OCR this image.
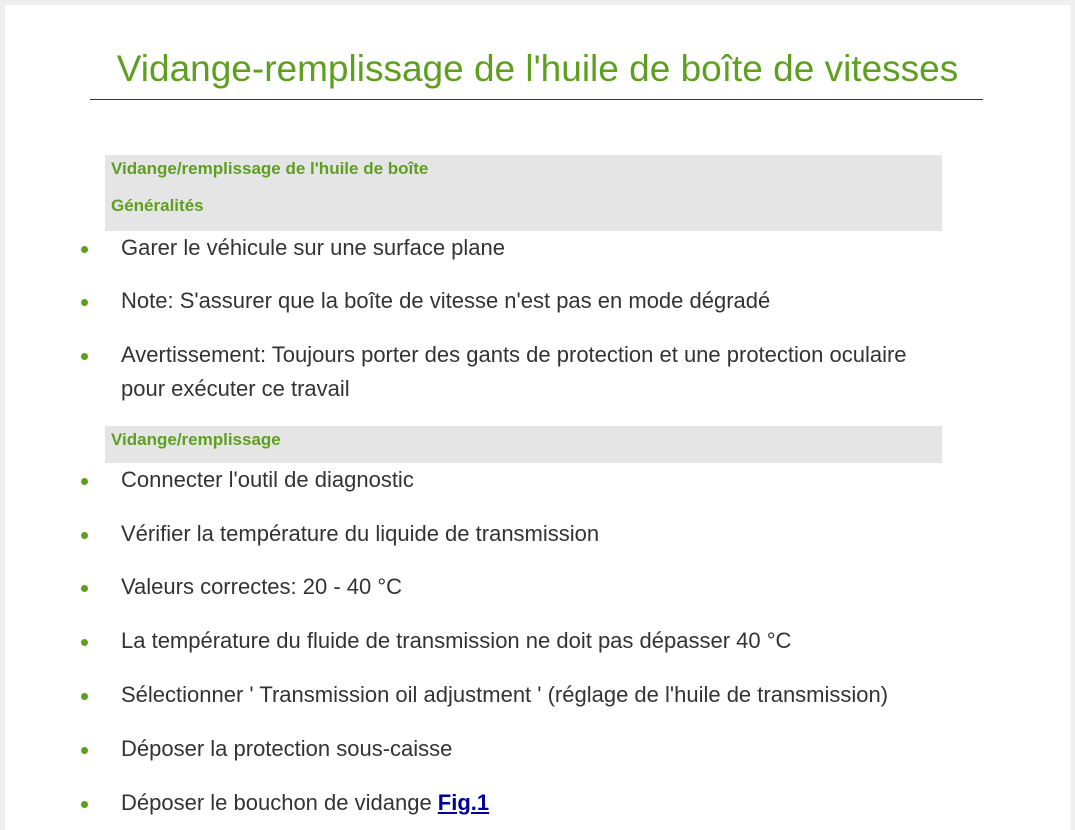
Vidange-remplissage de l'huile de boîte de vitesses
Vidange/remplissage de l'huile de boîte
Généralités
Garer le véhicule sur une surface plane
Note: S'assurer que la boîte de vitesse n'est pas en mode dégradé
Avertissement: Toujours porter des gants de protection et une protection oculaire pour exécuter ce travail
Vidange/remplissage
Connecter l'outil de diagnostic
Vérifier la température du liquide de transmission
Valeurs correctes: 20 - 40 °C
La température du fluide de transmission ne doit pas dépasser 40 °C
Sélectionner ' Transmission oil adjustment ' (réglage de l'huile de transmission)
Déposer la protection sous-caisse
Déposer le bouchon de vidange Fig.1
